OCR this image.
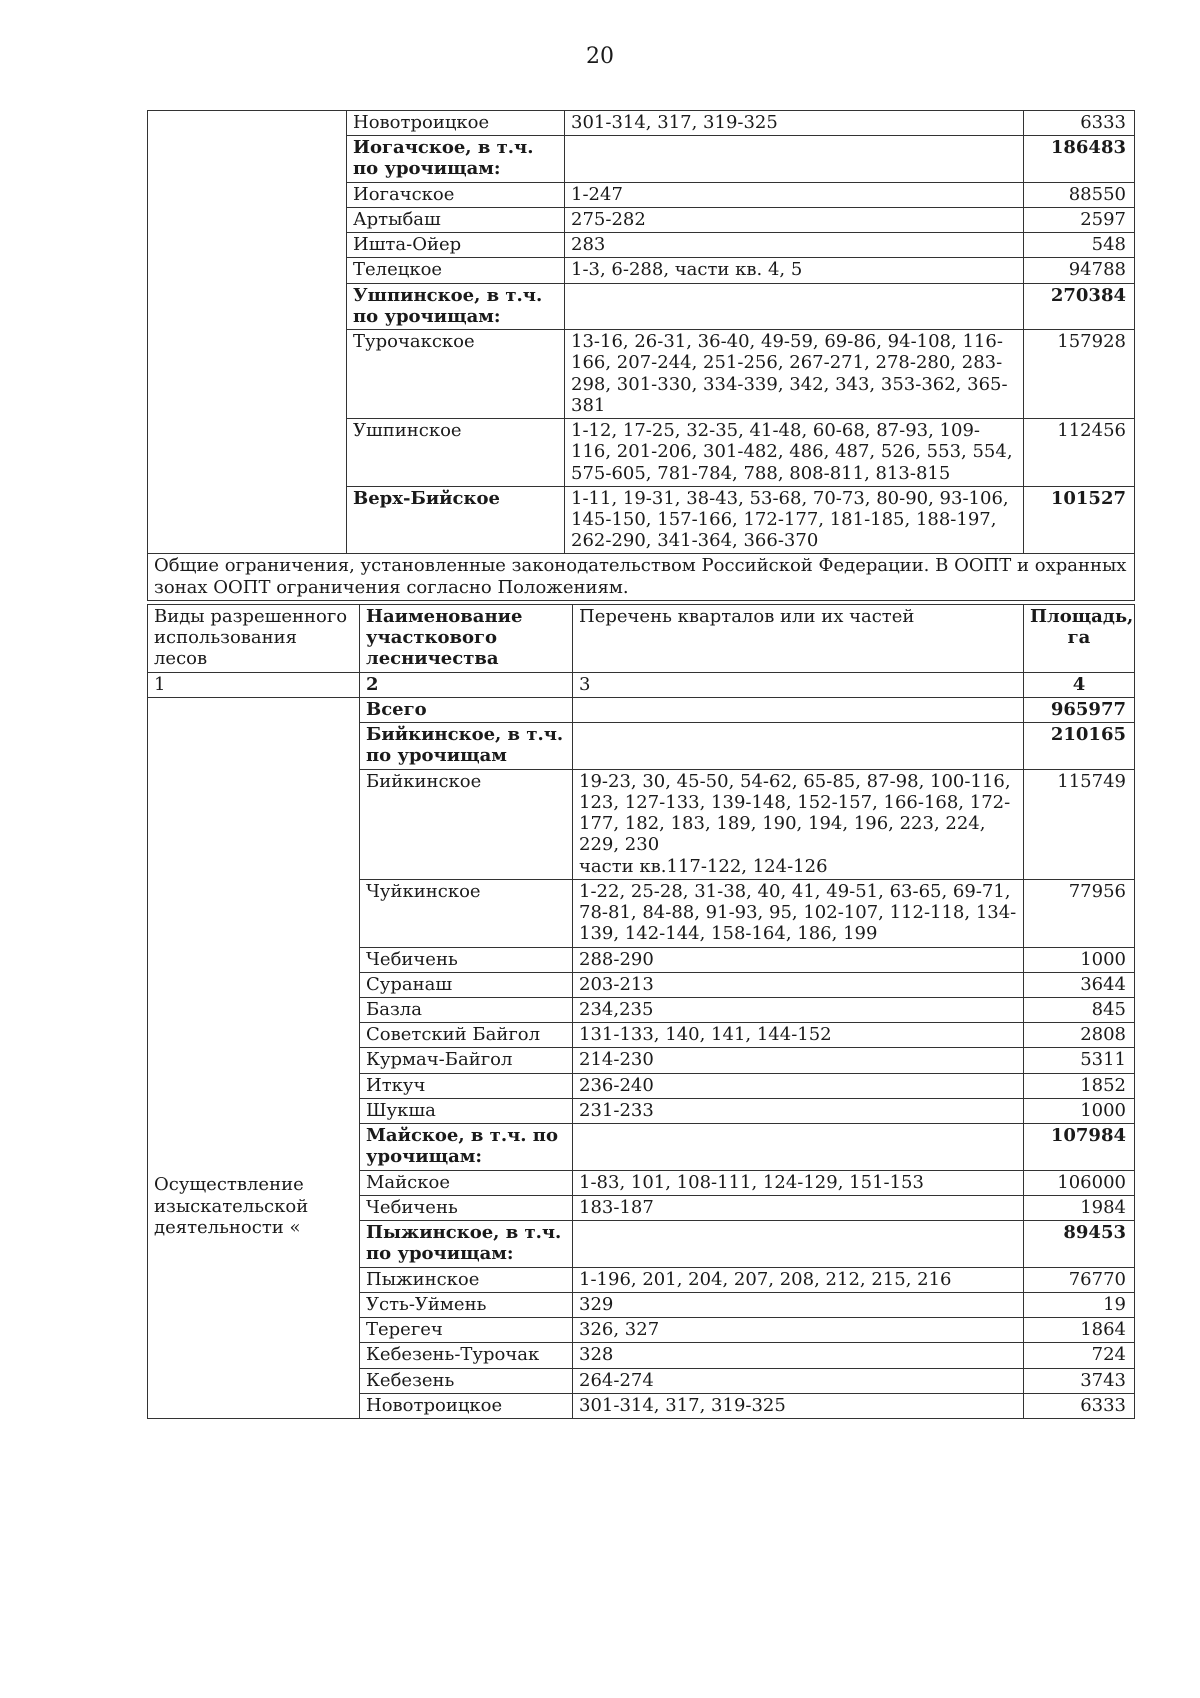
20
	Новотроицкое	301-314, 317, 319-325	6333
	Иогачское, в т.ч. по урочищам:		186483
	Иогачское	1-247	88550
	Артыбаш	275-282	2597
	Ишта-Ойер	283	548
	Телецкое	1-3, 6-288, части кв. 4, 5	94788
	Ушпинское, в т.ч. по урочищам:		270384
	Турочакское	13-16, 26-31, 36-40, 49-59, 69-86, 94-108, 116-166, 207-244, 251-256, 267-271, 278-280, 283-298, 301-330, 334-339, 342, 343, 353-362, 365-381	157928
	Ушпинское	1-12, 17-25, 32-35, 41-48, 60-68, 87-93, 109-116, 201-206, 301-482, 486, 487, 526, 553, 554, 575-605, 781-784, 788, 808-811, 813-815	112456
	Верх-Бийское	1-11, 19-31, 38-43, 53-68, 70-73, 80-90, 93-106, 145-150, 157-166, 172-177, 181-185, 188-197, 262-290, 341-364, 366-370	101527
Общие ограничения, установленные законодательством Российской Федерации. В ООПТ и охранных зонах ООПТ ограничения согласно Положениям.			
Виды разрешенного использования лесов	Наименование участкового лесничества	Перечень кварталов или их частей	Площадь, га
1	2	3	4
Осуществление изыскательской деятельности «	Всего		965977
	Бийкинское, в т.ч. по урочищам		210165
	Бийкинское	19-23, 30, 45-50, 54-62, 65-85, 87-98, 100-116, 123, 127-133, 139-148, 152-157, 166-168, 172-177, 182, 183, 189, 190, 194, 196, 223, 224, 229, 230
части кв.117-122, 124-126	115749
	Чуйкинское	1-22, 25-28, 31-38, 40, 41, 49-51, 63-65, 69-71, 78-81, 84-88, 91-93, 95, 102-107, 112-118, 134-139, 142-144, 158-164, 186, 199	77956
	Чебичень	288-290	1000
	Суранаш	203-213	3644
	Базла	234,235	845
	Советский Байгол	131-133, 140, 141, 144-152	2808
	Курмач-Байгол	214-230	5311
	Иткуч	236-240	1852
	Шукша	231-233	1000
	Майское, в т.ч. по урочищам:		107984
	Майское	1-83, 101, 108-111, 124-129, 151-153	106000
	Чебичень	183-187	1984
	Пыжинское, в т.ч. по урочищам:		89453
	Пыжинское	1-196, 201, 204, 207, 208, 212, 215, 216	76770
	Усть-Уймень	329	19
	Терегеч	326, 327	1864
	Кебезень-Турочак	328	724
	Кебезень	264-274	3743
	Новотроицкое	301-314, 317, 319-325	6333
